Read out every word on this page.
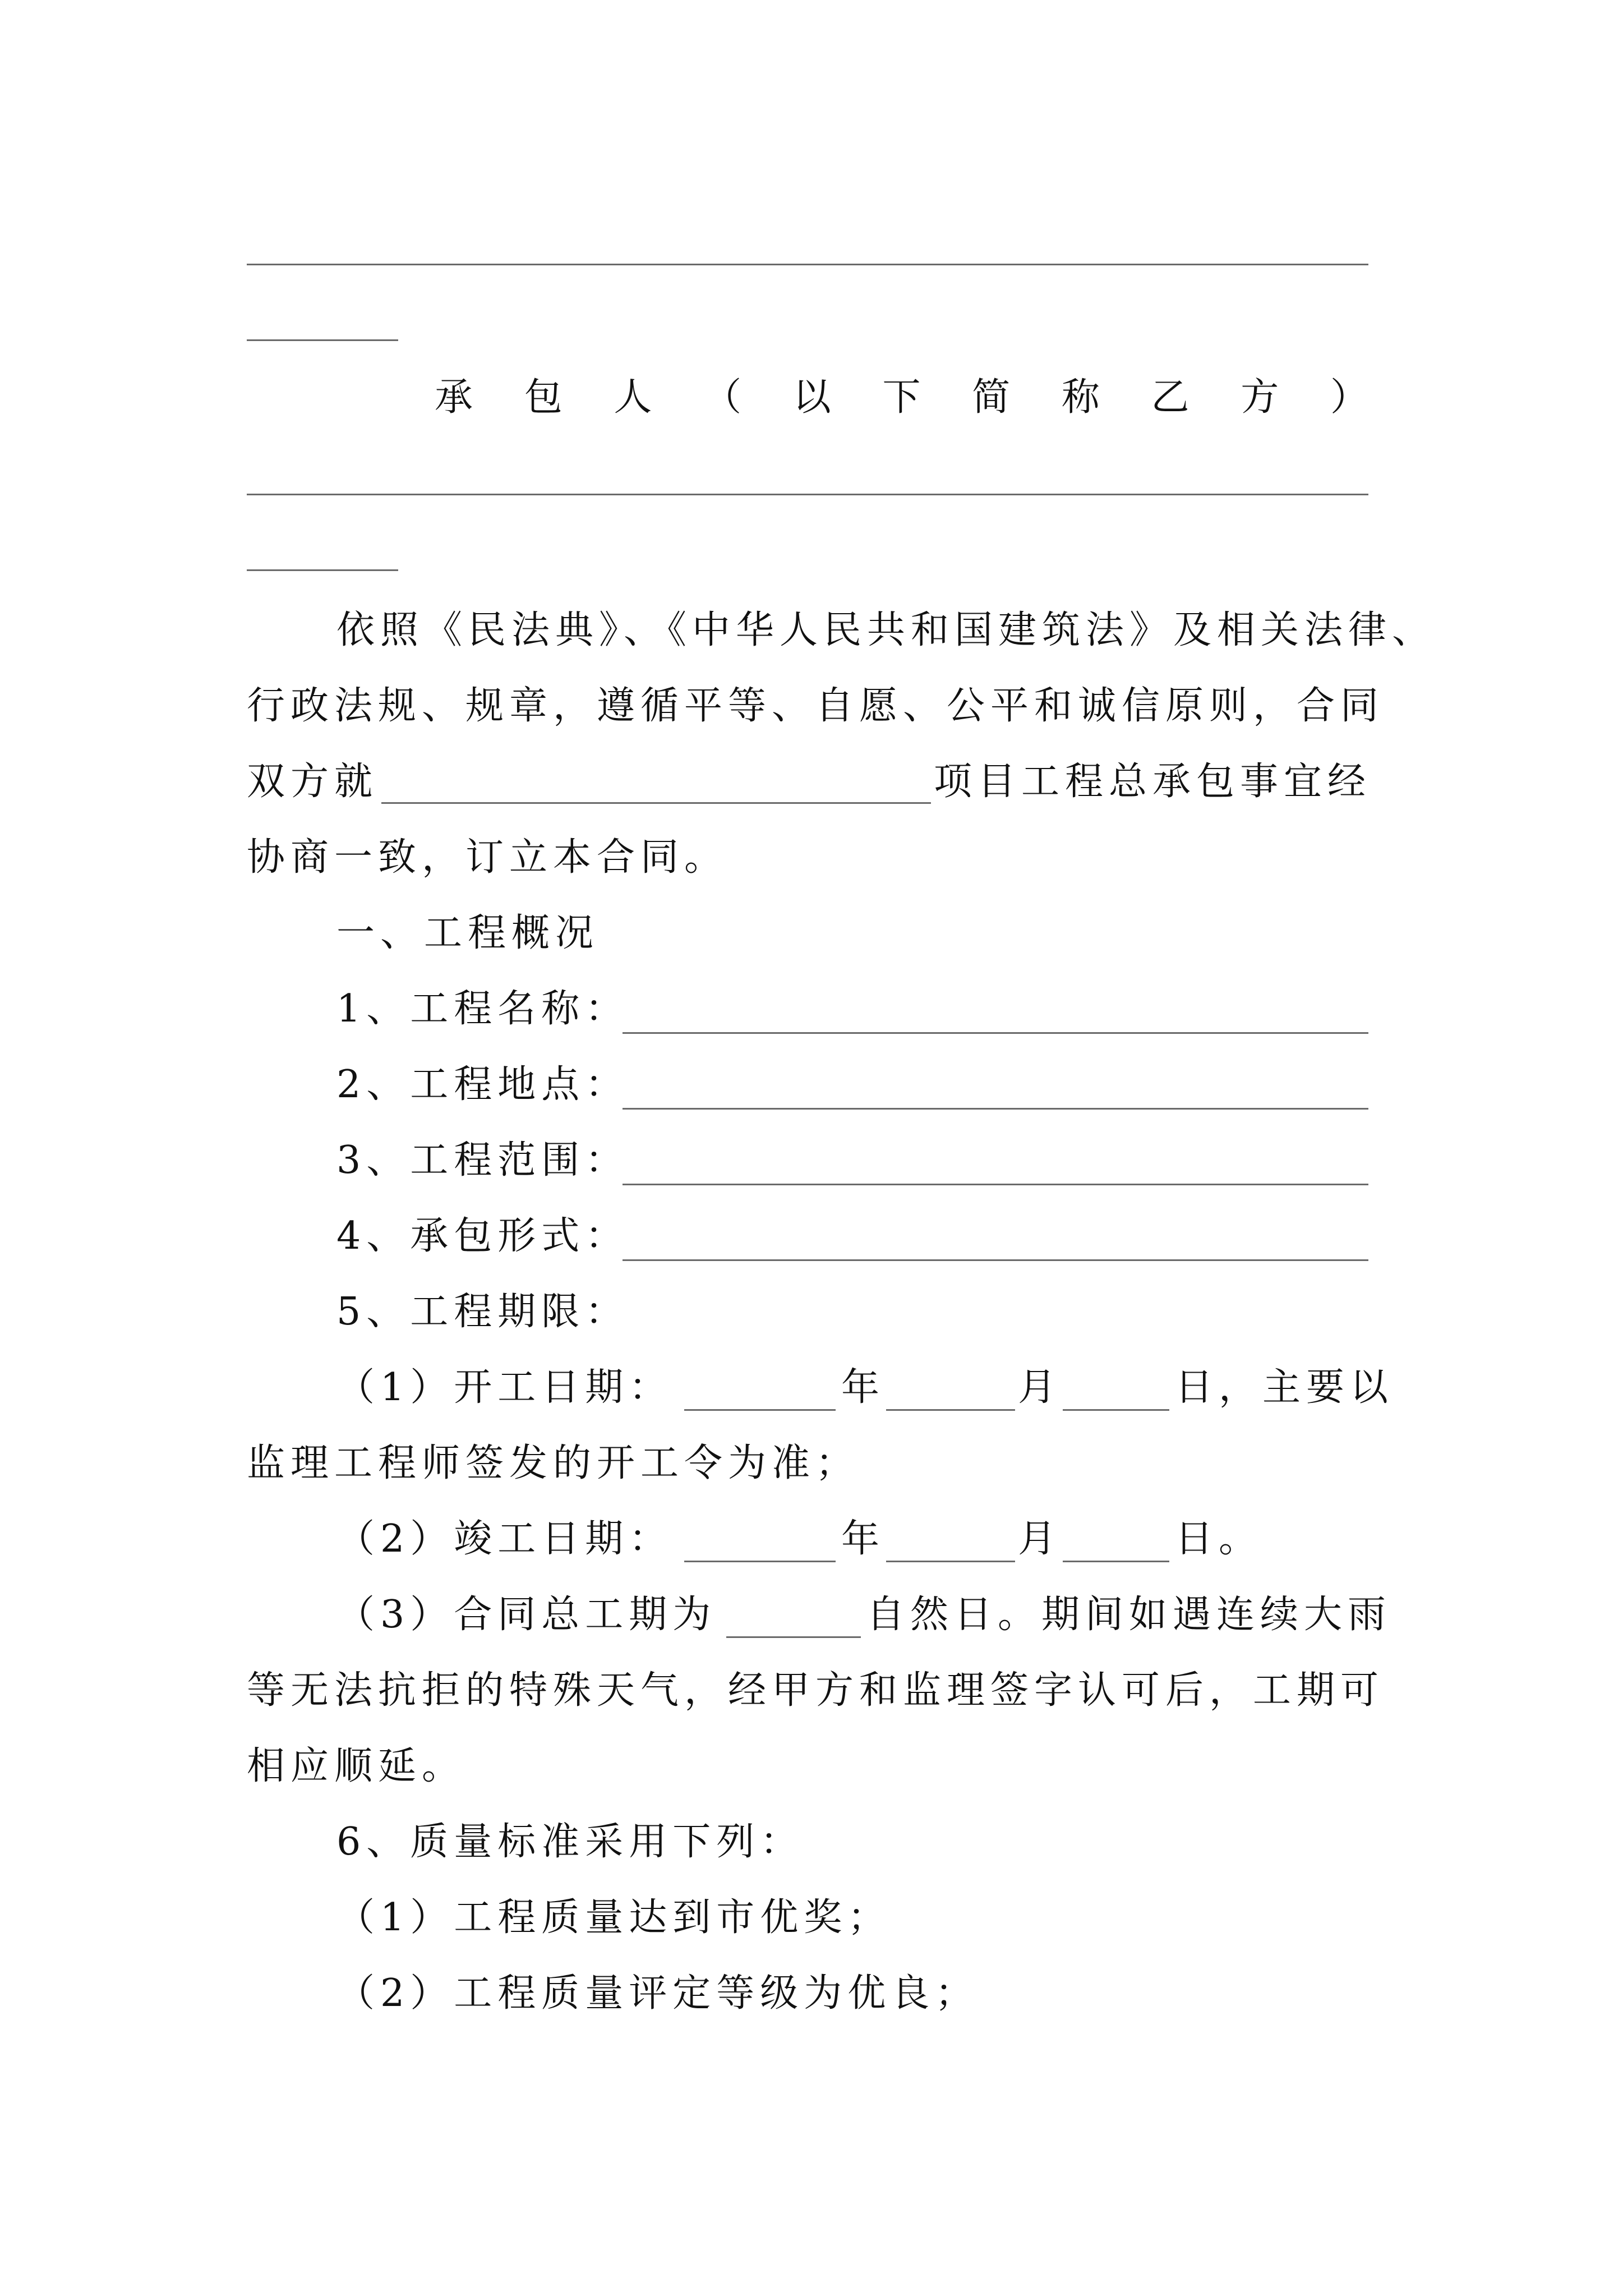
承 包 人 （ 以 下 简 称 乙 方 ）
依照《民法典》、《中华人民共和国建筑法》及相关法律、
行政法规、规章，遵循平等、自愿、公平和诚信原则，合同
双方就	项目工程总承包事宜经
协商一致，订立本合同。
一、工程概况
1、工程名称：
2、工程地点：
3、工程范围：
4、承包形式：
5、工程期限：
（1）开工日期：	年	月	日，主要以
监理工程师签发的开工令为准；
（2）竣工日期：	年	月	日。
（3）合同总工期为	自然日。期间如遇连续大雨
等无法抗拒的特殊天气，经甲方和监理签字认可后，工期可
相应顺延。
6、质量标准采用下列：
（1）工程质量达到市优奖；
（2）工程质量评定等级为优良；
